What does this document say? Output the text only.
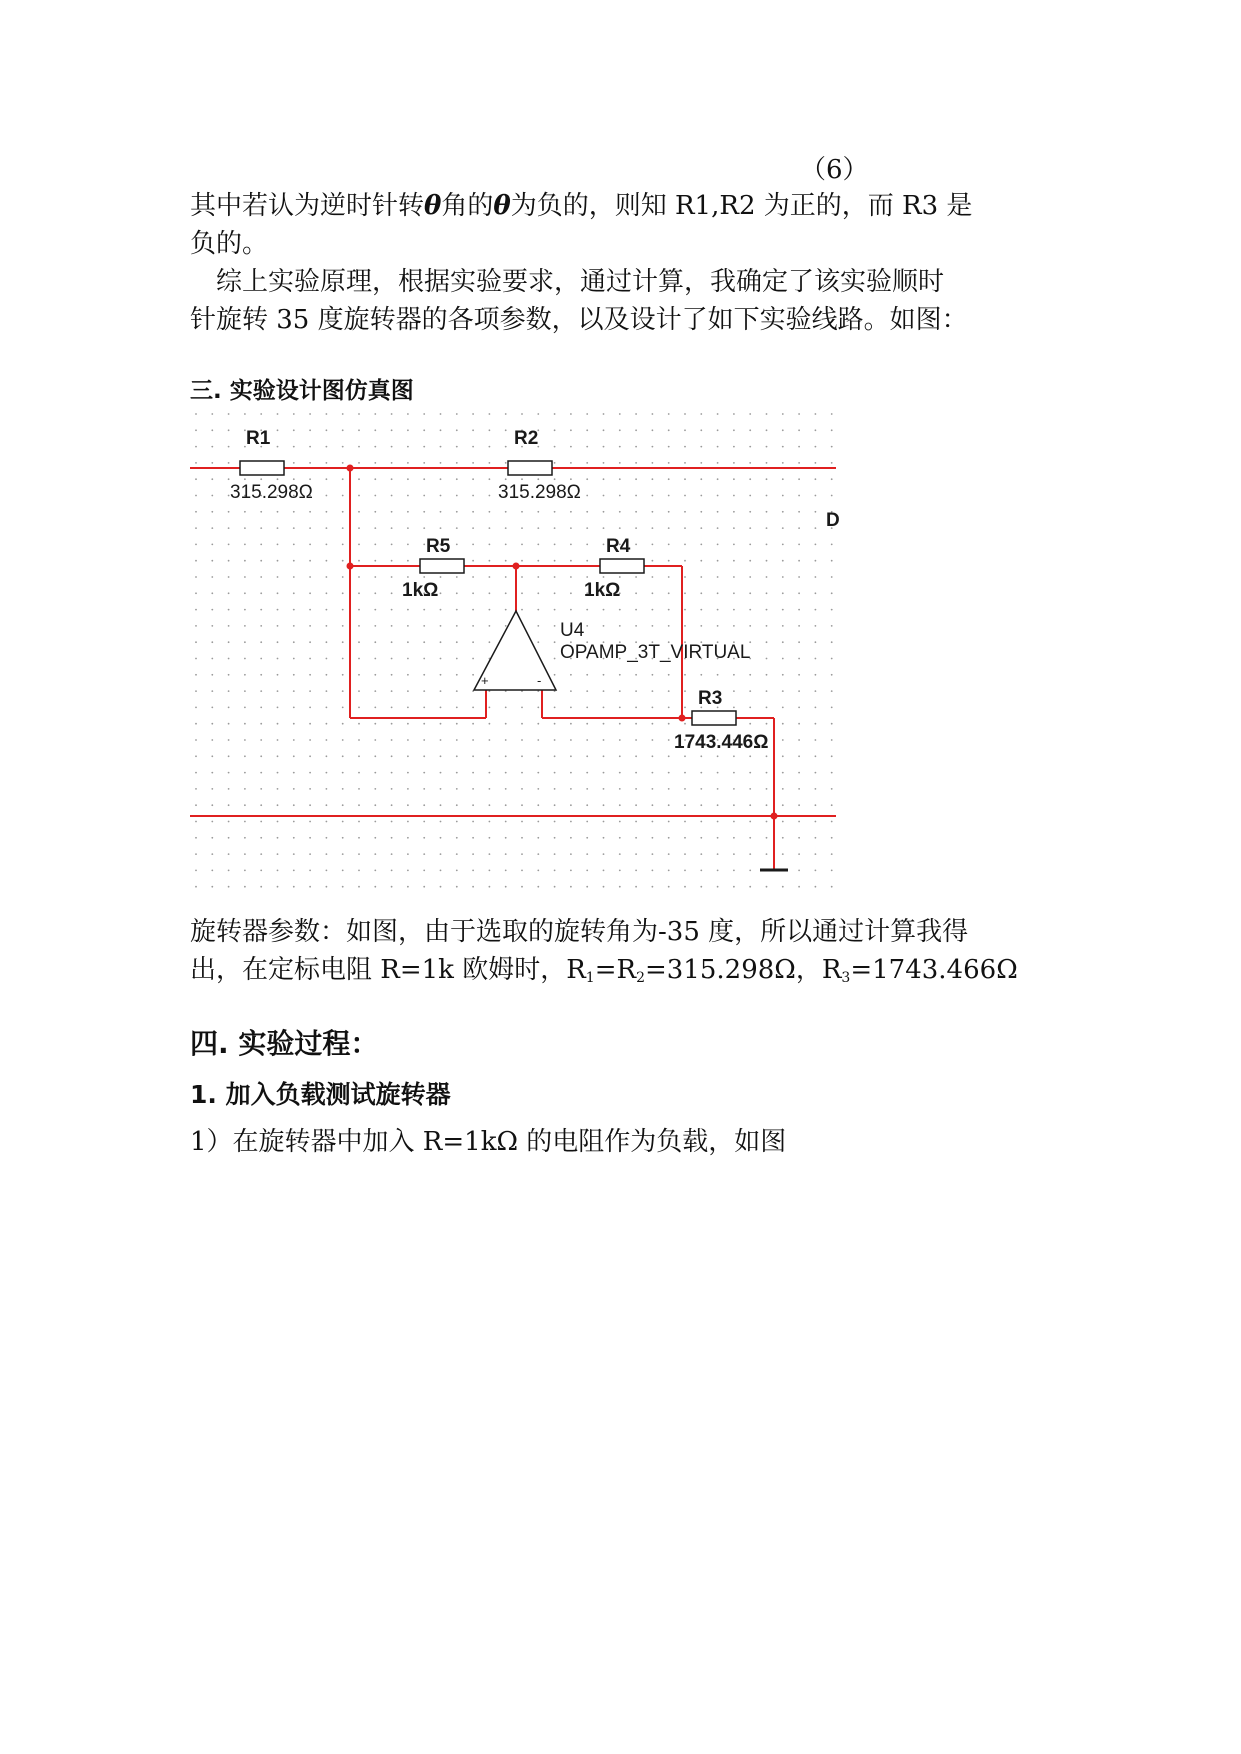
（6）
其中若认为逆时针转θ角的θ为负的，则知 R1,R2 为正的，而 R3 是
负的。
　综上实验原理，根据实验要求，通过计算，我确定了该实验顺时
针旋转 35 度旋转器的各项参数，以及设计了如下实验线路。如图：
三. 实验设计图仿真图
R1
315.298Ω
R2
315.298Ω
R5
1kΩ
R4
1kΩ
R3
1743.446Ω
+	-
U4
OPAMP_3T_VIRTUAL
D
旋转器参数：如图，由于选取的旋转角为-35 度，所以通过计算我得
出，在定标电阻 R=1k 欧姆时，$R_1=R_2=315.298\Omega$，$R_3=1743.466\Omega$
四. 实验过程：
1. 加入负载测试旋转器
1）在旋转器中加入 R=1kΩ 的电阻作为负载，如图
